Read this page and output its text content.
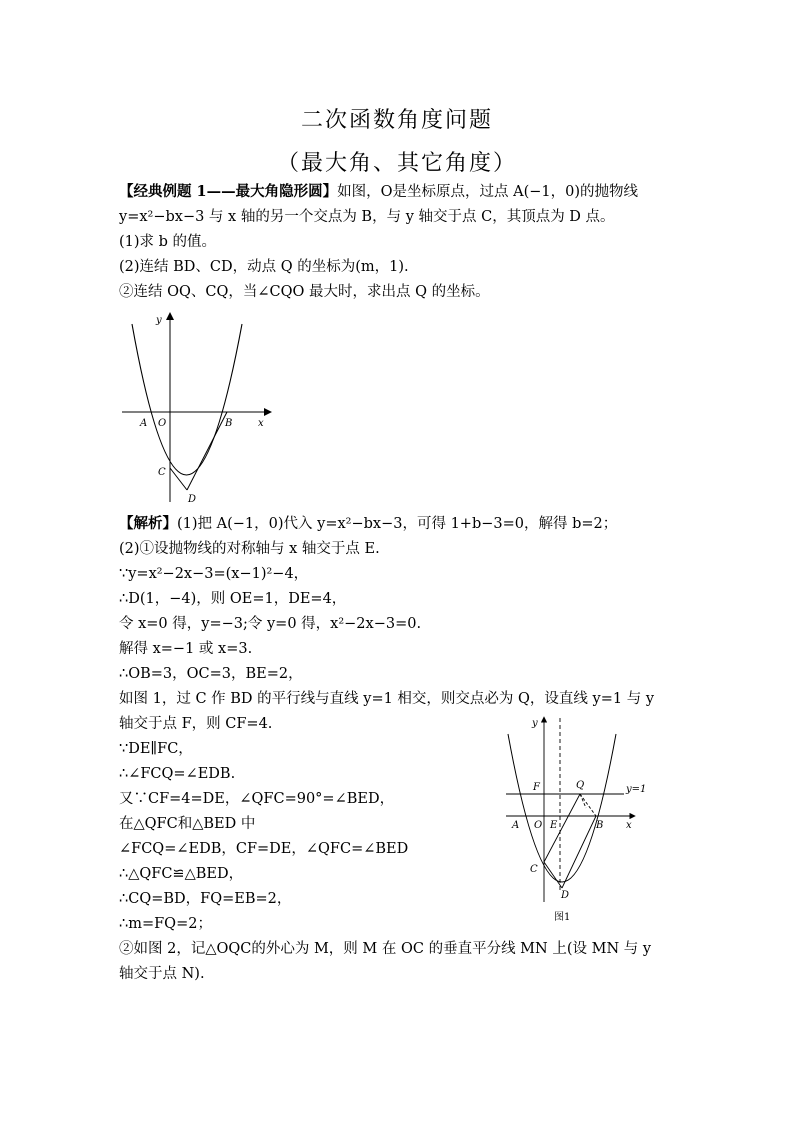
二次函数角度问题
（最大角、其它角度）
【经典例题 1——最大角隐形圆】如图，O是坐标原点，过点 A(−1，0)的抛物线
y=x²−bx−3 与 x 轴的另一个交点为 B，与 y 轴交于点 C，其顶点为 D 点。
(1)求 b 的值。
(2)连结 BD、CD，动点 Q 的坐标为(m，1).
②连结 OQ、CQ，当∠CQO 最大时，求出点 Q 的坐标。
y
x
A O	B
C
D
【解析】(1)把 A(−1，0)代入 y=x²−bx−3，可得 1+b−3=0，解得 b=2；
(2)①设抛物线的对称轴与 x 轴交于点 E.
∵y=x²−2x−3=(x−1)²−4，
∴D(1，−4)，则 OE=1，DE=4，
令 x=0 得，y=−3;令 y=0 得，x²−2x−3=0.
解得 x=−1 或 x=3.
∴OB=3，OC=3，BE=2，
如图 1，过 C 作 BD 的平行线与直线 y=1 相交，则交点必为 Q，设直线 y=1 与 y
轴交于点 F，则 CF=4.
∵DE∥FC，
∴∠FCQ=∠EDB.
又∵CF=4=DE，∠QFC=90°=∠BED，
在△QFC和△BED 中
∠FCQ=∠EDB，CF=DE，∠QFC=∠BED
∴△QFC≌△BED，
∴CQ=BD，FQ=EB=2，
∴m=FQ=2；
②如图 2，记△OQC的外心为 M，则 M 在 OC 的垂直平分线 MN 上(设 MN 与 y
轴交于点 N).
y
y=1
x
F	Q
A O E	B
C
D
图1
